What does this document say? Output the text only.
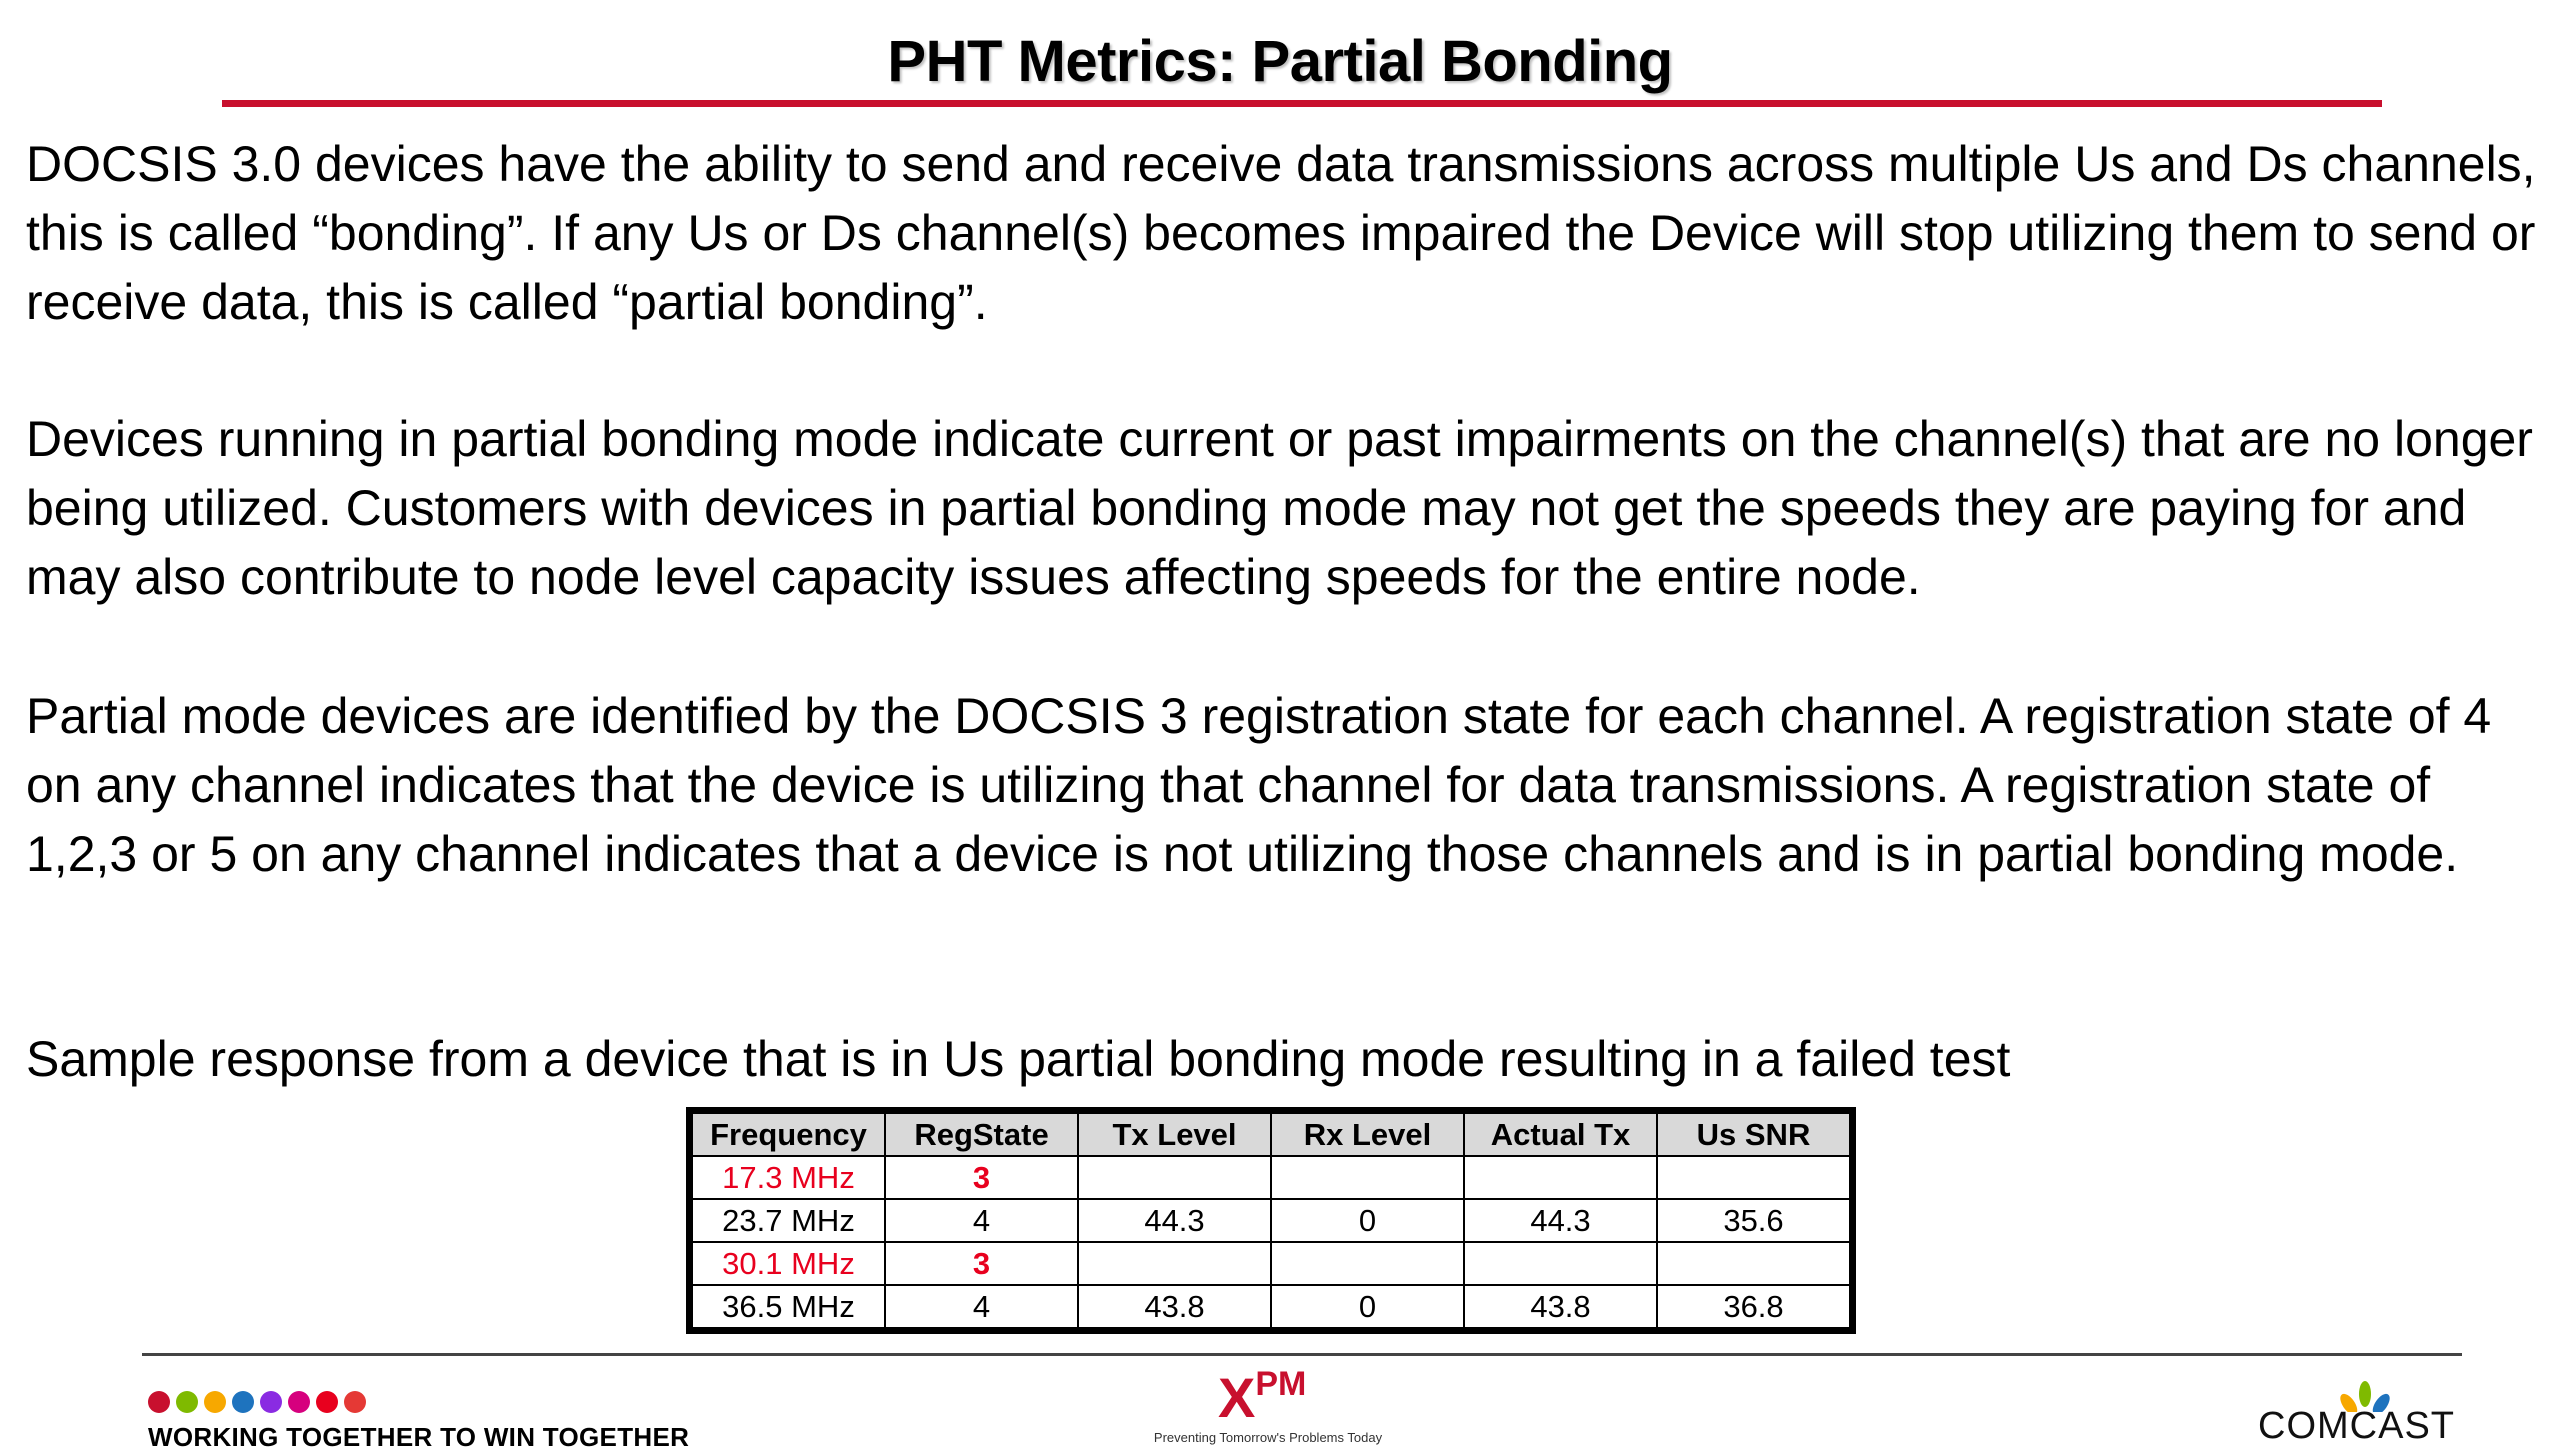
PHT Metrics: Partial Bonding

DOCSIS 3.0 devices have the ability to send and receive data transmissions across multiple Us and Ds channels, this is called “bonding”. If any Us or Ds channel(s) becomes impaired the Device will stop utilizing them to send or receive data, this is called “partial bonding”.

Devices running in partial bonding mode indicate current or past impairments on the channel(s) that are no longer being utilized. Customers with devices in partial bonding mode may not get the speeds they are paying for and may also contribute to node level capacity issues affecting speeds for the entire node.

Partial mode devices are identified by the DOCSIS 3 registration state for each channel. A registration state of 4 on any channel indicates that the device is utilizing that channel for data transmissions. A registration state of 1,2,3 or 5 on any channel indicates that a device is not utilizing those channels and is in partial bonding mode.

Sample response from a device that is in Us partial bonding mode resulting in a failed test

Frequency	RegState	Tx Level	Rx Level	Actual Tx	Us SNR
17.3 MHz	3				
23.7 MHz	4	44.3	0	44.3	35.6
30.1 MHz	3				
36.5 MHz	4	43.8	0	43.8	36.8
WORKING TOGETHER TO WIN TOGETHER
$X^{PM}$
Preventing Tomorrow's Problems Today	COMCAST
